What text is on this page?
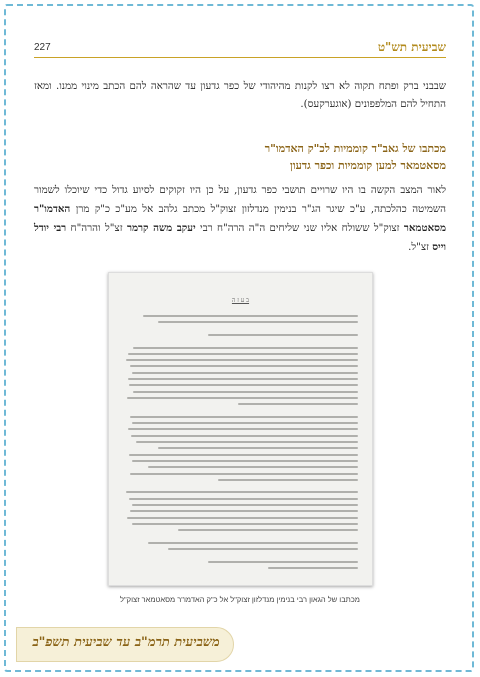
227	שביעית תש"ט
שבבני ברק ופתח תקוה לא רצו לקנות מהיהודי של כפר גדעון עד שהראה להם הכתב מינוי ממנו. ומאז התחיל להם המלפפונים (אוגערקעס).
מכתבו של גאב"ד קוממיות לכ"ק האדמו"ר
מסאטמאר למען קוממיות וכפר גדעון
לאור המצב הקשה בו היו שרויים תושבי כפר גדעון, על כן היו זקוקים לסיוע גדול כדי שיוכלו לשמור השמיטה כהלכתה, ע"כ שיגר הג"ר בנימין מנדלזון זצוק"ל מכתב גלהב אל מע"כ כ"ק מרן האדמו"ר מסאטמאר זצוק"ל ששולח אליו שני שליחים ה"ה הרה"ח רבי יעקב משה קרמר זצ"ל והרה"ח רבי יודל וייס זצ"ל.
ב ע ז ה
מכתבו של הגאון רבי בנימין מנדלזון זצוק"ל אל כ"ק האדמו"ר מסאטמאר זצוק"ל
משביעית תרמ"ב עד שביעית תשפ"ב
